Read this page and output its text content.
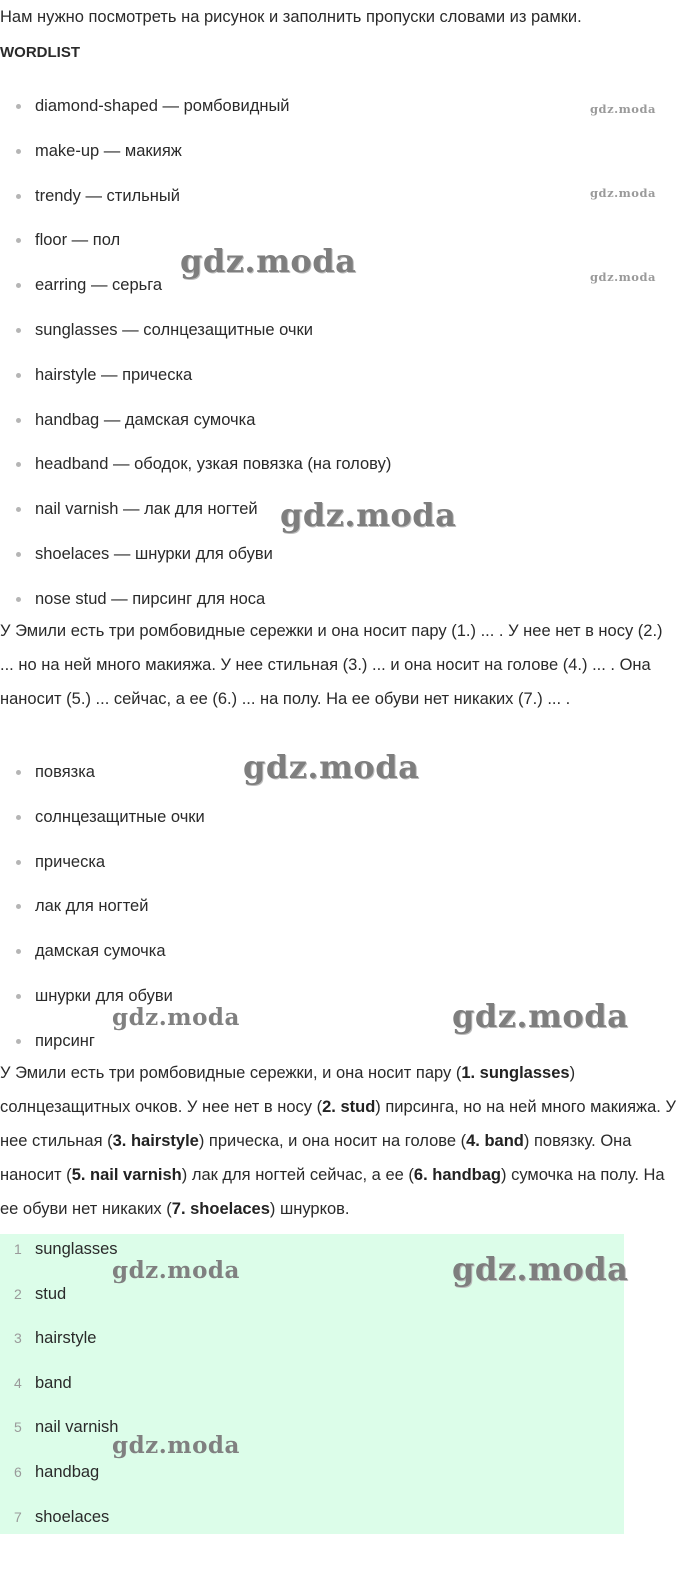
Нам нужно посмотреть на рисунок и заполнить пропуски словами из рамки.

WORDLIST

diamond-shaped — ромбовидный
make-up — макияж
trendy — стильный
floor — пол
earring — серьга
sunglasses — солнцезащитные очки
hairstyle — прическа
handbag — дамская сумочка
headband — ободок, узкая повязка (на голову)
nail varnish — лак для ногтей
shoelaces — шнурки для обуви
nose stud — пирсинг для носа

У Эмили есть три ромбовидные сережки и она носит пару (1.) ... . У нее нет в носу (2.) ... но на ней много макияжа. У нее стильная (3.) ... и она носит на голове (4.) ... . Она наносит (5.) ... сейчас, а ее (6.) ... на полу. На ее обуви нет никаких (7.) ... .

повязка
солнцезащитные очки
прическа
лак для ногтей
дамская сумочка
шнурки для обуви
пирсинг

У Эмили есть три ромбовидные сережки, и она носит пару (1. sunglasses) солнцезащитных очков. У нее нет в носу (2. stud) пирсинга, но на ней много макияжа. У нее стильная (3. hairstyle) прическа, и она носит на голове (4. band) повязку. Она наносит (5. nail varnish) лак для ногтей сейчас, а ее (6. handbag) сумочка на полу. На ее обуви нет никаких (7. shoelaces) шнурков.

1 sunglasses
2 stud
3 hairstyle
4 band
5 nail varnish
6 handbag
7 shoelaces
gdz.moda
gdz.moda
gdz.moda
gdz.moda
gdz.moda
gdz.moda
gdz.moda	gdz.moda
gdz.moda	gdz.moda
gdz.moda
